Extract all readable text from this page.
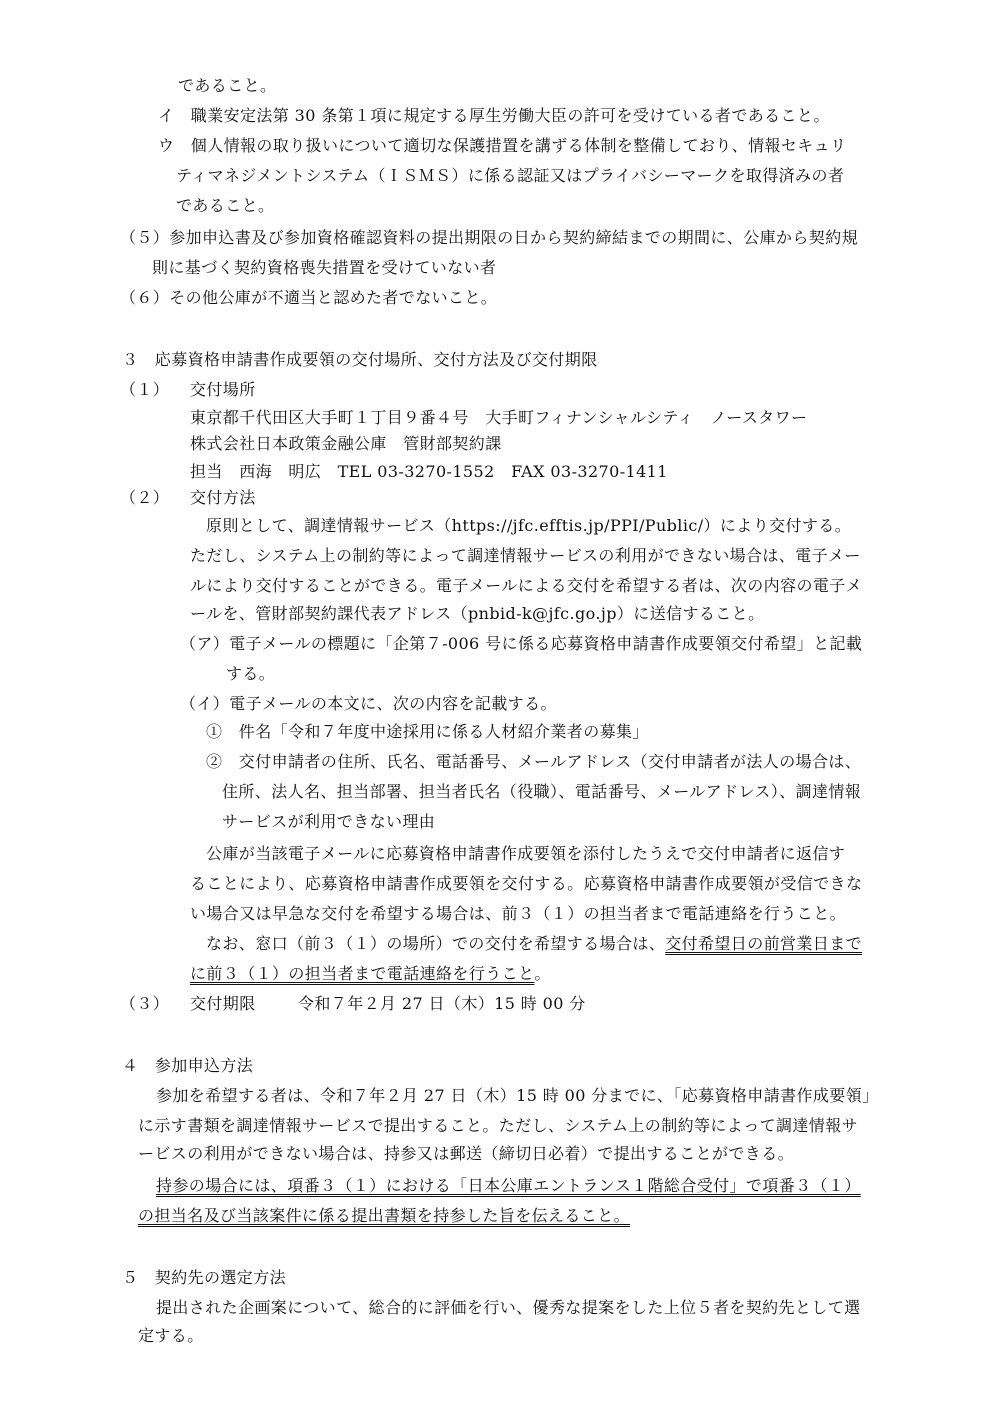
であること。
イ　職業安定法第 30 条第１項に規定する厚生労働大臣の許可を受けている者であること。
ウ　個人情報の取り扱いについて適切な保護措置を講ずる体制を整備しており、情報セキュリ
ティマネジメントシステム（ＩＳＭＳ）に係る認証又はプライバシーマークを取得済みの者
であること。
（５）参加申込書及び参加資格確認資料の提出期限の日から契約締結までの期間に、公庫から契約規
則に基づく契約資格喪失措置を受けていない者
（６）その他公庫が不適当と認めた者でないこと。
３　応募資格申請書作成要領の交付場所、交付方法及び交付期限
（１） 交付場所
東京都千代田区大手町１丁目９番４号　大手町フィナンシャルシティ　ノースタワー
株式会社日本政策金融公庫　管財部契約課
担当　西海　明広　TEL 03-3270-1552　FAX 03-3270-1411
（２） 交付方法
原則として、調達情報サービス（https://jfc.efftis.jp/PPI/Public/）により交付する。
ただし、システム上の制約等によって調達情報サービスの利用ができない場合は、電子メー
ルにより交付することができる。電子メールによる交付を希望する者は、次の内容の電子メ
ールを、管財部契約課代表アドレス（pnbid-k@jfc.go.jp）に送信すること。
（ア）電子メールの標題に「企第７-006 号に係る応募資格申請書作成要領交付希望」と記載
する。
（イ）電子メールの本文に、次の内容を記載する。
①　件名「令和７年度中途採用に係る人材紹介業者の募集」
②　交付申請者の住所、氏名、電話番号、メールアドレス（交付申請者が法人の場合は、
住所、法人名、担当部署、担当者氏名（役職）、電話番号、メールアドレス）、調達情報
サービスが利用できない理由
公庫が当該電子メールに応募資格申請書作成要領を添付したうえで交付申請者に返信す
ることにより、応募資格申請書作成要領を交付する。応募資格申請書作成要領が受信できな
い場合又は早急な交付を希望する場合は、前３（１）の担当者まで電話連絡を行うこと。
なお、窓口（前３（１）の場所）での交付を希望する場合は、交付希望日の前営業日まで
に前３（１）の担当者まで電話連絡を行うこと。
（３） 交付期限	令和７年２月 27 日（木）15 時 00 分
４　参加申込方法
参加を希望する者は、令和７年２月 27 日（木）15 時 00 分までに、「応募資格申請書作成要領」
に示す書類を調達情報サービスで提出すること。ただし、システム上の制約等によって調達情報サ
ービスの利用ができない場合は、持参又は郵送（締切日必着）で提出することができる。
持参の場合には、項番３（１）における「日本公庫エントランス１階総合受付」で項番３（１）
の担当名及び当該案件に係る提出書類を持参した旨を伝えること。
５　契約先の選定方法
提出された企画案について、総合的に評価を行い、優秀な提案をした上位５者を契約先として選
定する。
